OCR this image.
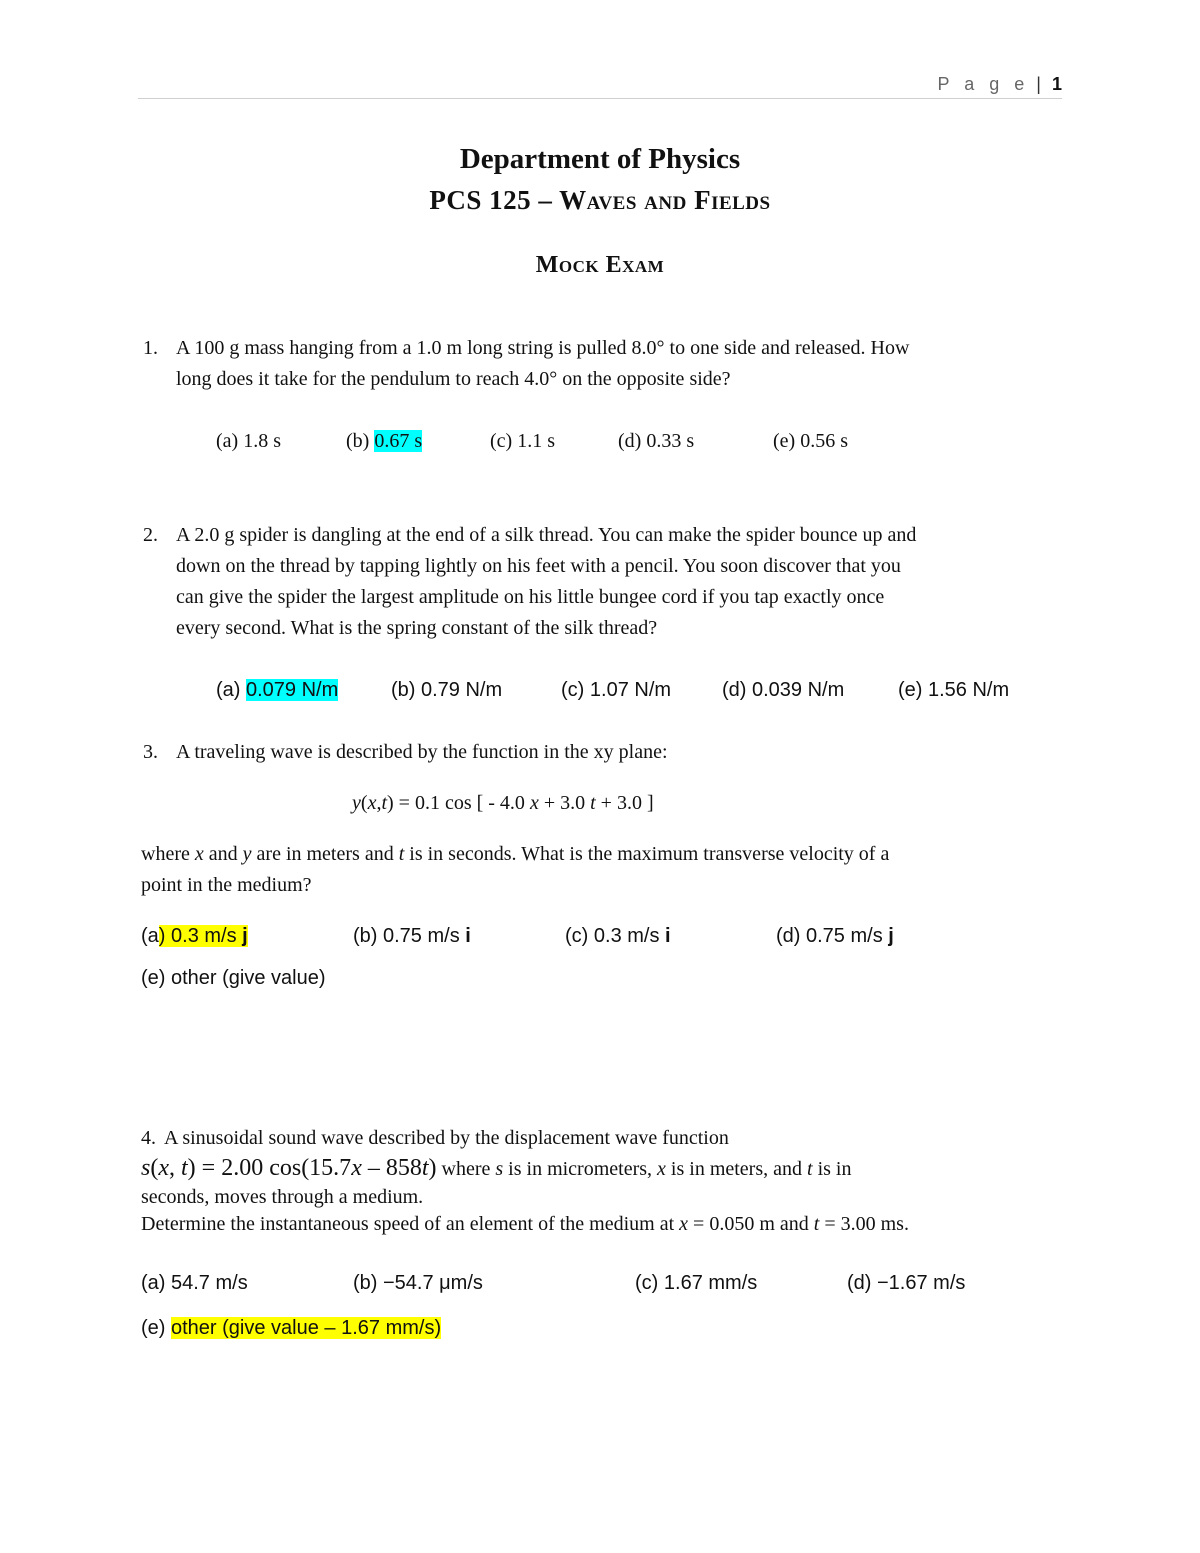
P a g e | 1
Department of Physics
PCS 125 – Waves and Fields
Mock Exam
1. A 100 g mass hanging from a 1.0 m long string is pulled 8.0° to one side and released. How
long does it take for the pendulum to reach 4.0° on the opposite side?
(a) 1.8 s	(b) 0.67 s	(c) 1.1 s	(d) 0.33 s	(e) 0.56 s
2. A 2.0 g spider is dangling at the end of a silk thread. You can make the spider bounce up and
down on the thread by tapping lightly on his feet with a pencil. You soon discover that you
can give the spider the largest amplitude on his little bungee cord if you tap exactly once
every second. What is the spring constant of the silk thread?
(a) 0.079 N/m	(b) 0.79 N/m	(c) 1.07 N/m	(d) 0.039 N/m	(e) 1.56 N/m
3. A traveling wave is described by the function in the xy plane:
y(x,t) = 0.1 cos [ - 4.0 x + 3.0 t + 3.0 ]
where x and y are in meters and t is in seconds. What is the maximum transverse velocity of a
point in the medium?
(a) 0.3 m/s j	(b) 0.75 m/s i	(c) 0.3 m/s i	(d) 0.75 m/s j
(e) other (give value)
4. A sinusoidal sound wave described by the displacement wave function
s(x, t) = 2.00 cos(15.7x – 858t) where s is in micrometers, x is in meters, and t is in
seconds, moves through a medium.
Determine the instantaneous speed of an element of the medium at x = 0.050 m and t = 3.00 ms.
(a) 54.7 m/s	(b) −54.7 μm/s	(c) 1.67 mm/s	(d) −1.67 m/s
(e) other (give value – 1.67 mm/s)
